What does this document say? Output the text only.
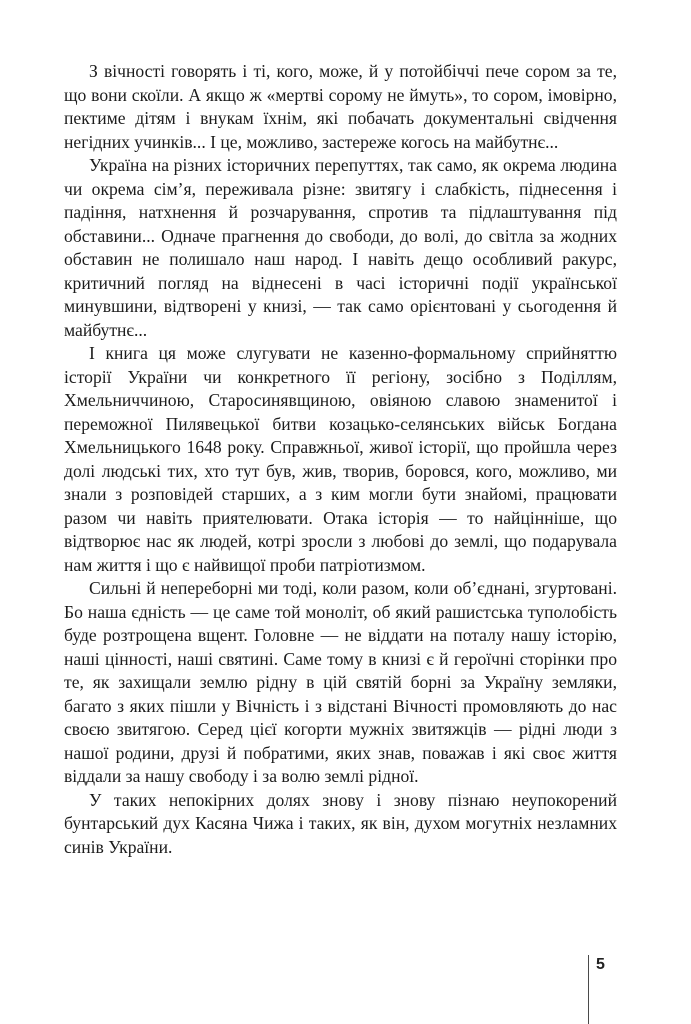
З вічності говорять і ті, кого, може, й у потойбіччі пече сором за те, що вони скоїли. А якщо ж «мертві сорому не ймуть», то сором, імовірно, пектиме дітям і внукам їхнім, які побачать документальні свідчення негідних учинків... І це, можливо, застереже когось на майбутнє...

Україна на різних історичних перепуттях, так само, як окрема людина чи окрема сім’я, переживала різне: звитягу і слабкість, піднесення і падіння, натхнення й розчарування, спротив та підлаштування під обставини... Одначе прагнення до свободи, до волі, до світла за жодних обставин не полишало наш народ. І навіть дещо особливий ракурс, критичний погляд на віднесені в часі історичні події української минувшини, відтворені у книзі, — так само орієнтовані у сьогодення й майбутнє...

І книга ця може слугувати не казенно-формальному сприйняттю історії України чи конкретного її регіону, зосібно з Поділлям, Хмельниччиною, Старосинявщиною, овіяною славою знаменитої і переможної Пилявецької битви козацько-селянських військ Богдана Хмельницького 1648 року. Справжньої, живої історії, що пройшла через долі людські тих, хто тут був, жив, творив, боровся, кого, можливо, ми знали з розповідей старших, а з ким могли бути знайомі, працювати разом чи навіть приятелювати. Отака історія — то найцінніше, що відтворює нас як людей, котрі зросли з любові до землі, що подарувала нам життя і що є найвищої проби патріотизмом.

Сильні й непереборні ми тоді, коли разом, коли об’єднані, згуртовані. Бо наша єдність — це саме той моноліт, об який рашистська туполобість буде розтрощена вщент. Головне — не віддати на поталу нашу історію, наші цінності, наші святині. Саме тому в книзі є й героїчні сторінки про те, як захищали землю рідну в цій святій борні за Україну земляки, багато з яких пішли у Вічність і з відстані Вічності промовляють до нас своєю звитягою. Серед цієї когорти мужніх звитяжців — рідні люди з нашої родини, друзі й побратими, яких знав, поважав і які своє життя віддали за нашу свободу і за волю землі рідної.

У таких непокірних долях знову і знову пізнаю неупокорений бунтарський дух Касяна Чижа і таких, як він, духом могутніх незламних синів України.

5
